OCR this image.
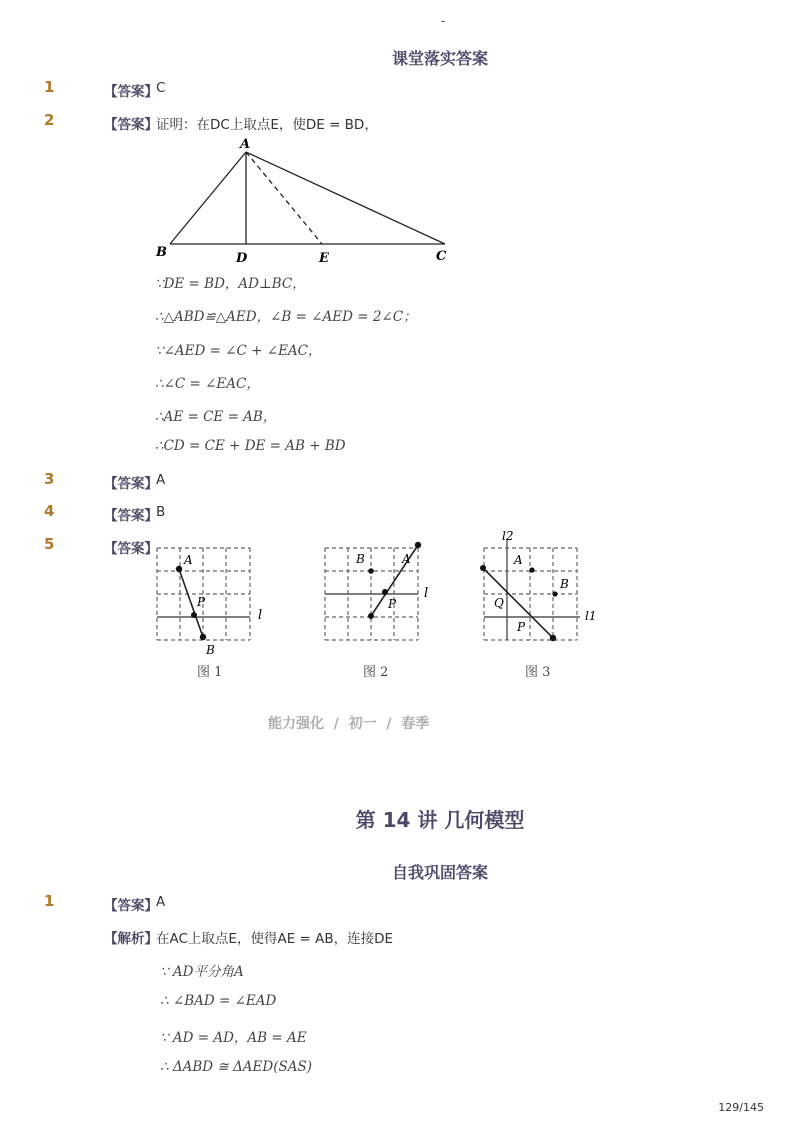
-
课堂落实答案
1	【答案】
C
2	【答案】
证明：在DC上取点E，使DE = BD，
A
B	D	E	C
∵DE = BD，AD⊥BC，
∴△ABD≌△AED，∠B = ∠AED = 2∠C；
∵∠AED = ∠C + ∠EAC，
∴∠C = ∠EAC，
∴AE = CE = AB，
∴CD = CE + DE = AB + BD
3	【答案】
A
4	【答案】
B
5	【答案】
A
P
l
B
图 1
B	A
P
l
图 2
l2
A
B
Q
P
l1
图 3
能力强化  /  初一  /  春季
第 14 讲 几何模型
自我巩固答案
1	【答案】
A
【解析】
在AC上取点E，使得AE = AB，连接DE
∵ AD平分角A
∴ ∠BAD = ∠EAD
∵ AD = AD，AB = AE
∴ ΔABD ≅ ΔAED(SAS)
129/145
